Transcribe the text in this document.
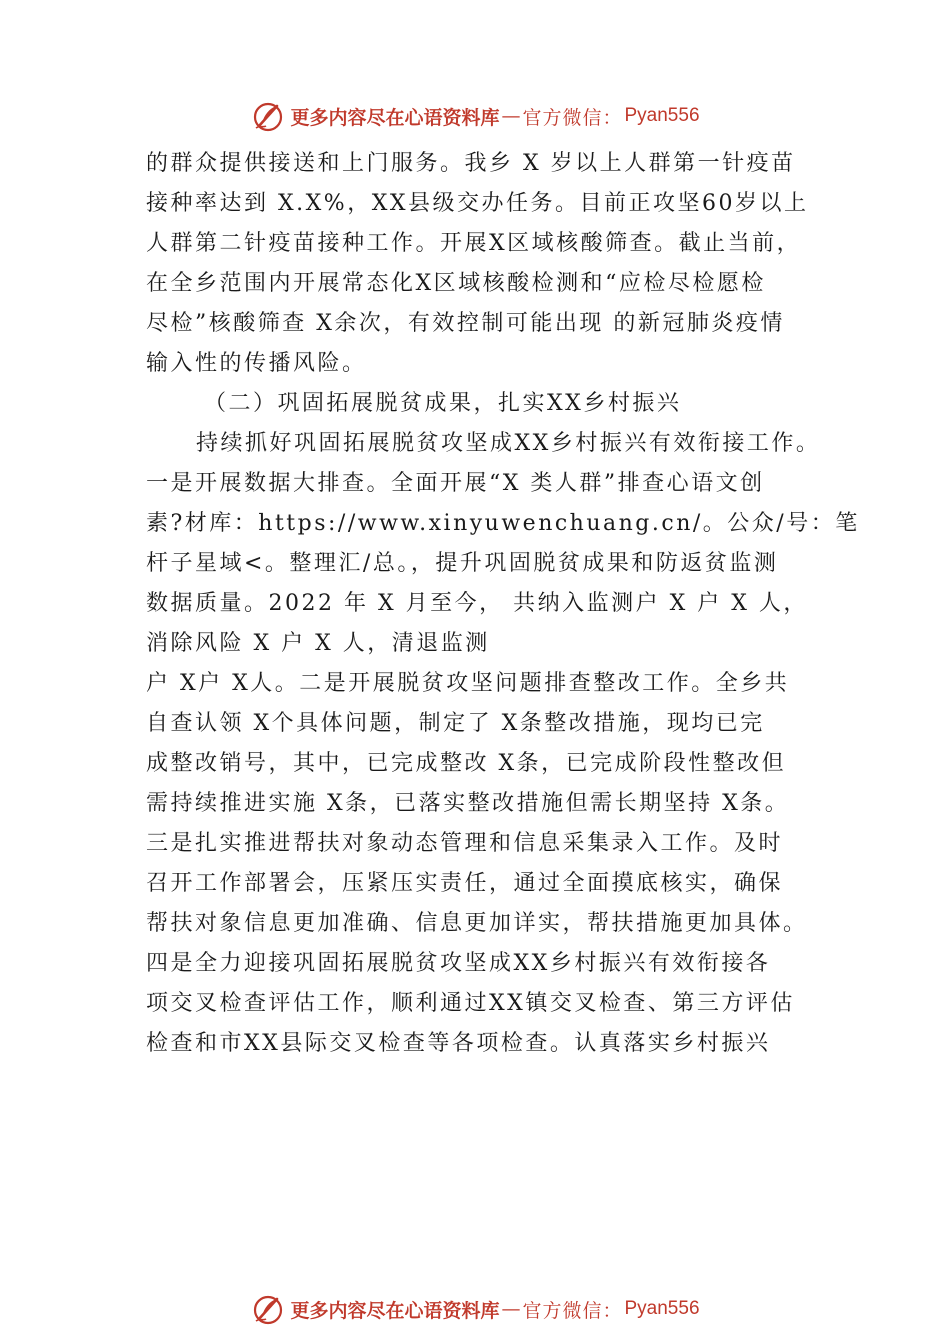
更多内容尽在心语资料库 — 官方微信： Pyan556
的群众提供接送和上门服务。我乡 X 岁以上人群第一针疫苗
接种率达到 X.X%，XX县级交办任务。目前正攻坚60岁以上
人群第二针疫苗接种工作。开展X区域核酸筛查。截止当前，
在全乡范围内开展常态化X区域核酸检测和“应检尽检愿检
尽检”核酸筛查 X余次，有效控制可能出现 的新冠肺炎疫情
输入性的传播风险。
（二）巩固拓展脱贫成果，扎实XX乡村振兴
持续抓好巩固拓展脱贫攻坚成XX乡村振兴有效衔接工作。
一是开展数据大排查。全面开展“X 类人群”排查心语文创
素?材库：https://www.xinyuwenchuang.cn/。公众/号：笔
杆子星域<。整理汇/总。，提升巩固脱贫成果和防返贫监测
数据质量。2022 年 X 月至今， 共纳入监测户 X 户 X 人，
消除风险 X 户 X 人，清退监测
户 X户 X人。二是开展脱贫攻坚问题排查整改工作。全乡共
自查认领 X个具体问题，制定了 X条整改措施，现均已完
成整改销号，其中，已完成整改 X条，已完成阶段性整改但
需持续推进实施 X条，已落实整改措施但需长期坚持 X条。
三是扎实推进帮扶对象动态管理和信息采集录入工作。及时
召开工作部署会，压紧压实责任，通过全面摸底核实，确保
帮扶对象信息更加准确、信息更加详实，帮扶措施更加具体。
四是全力迎接巩固拓展脱贫攻坚成XX乡村振兴有效衔接各
项交叉检查评估工作，顺利通过XX镇交叉检查、第三方评估
检查和市XX县际交叉检查等各项检查。认真落实乡村振兴
更多内容尽在心语资料库 — 官方微信： Pyan556
